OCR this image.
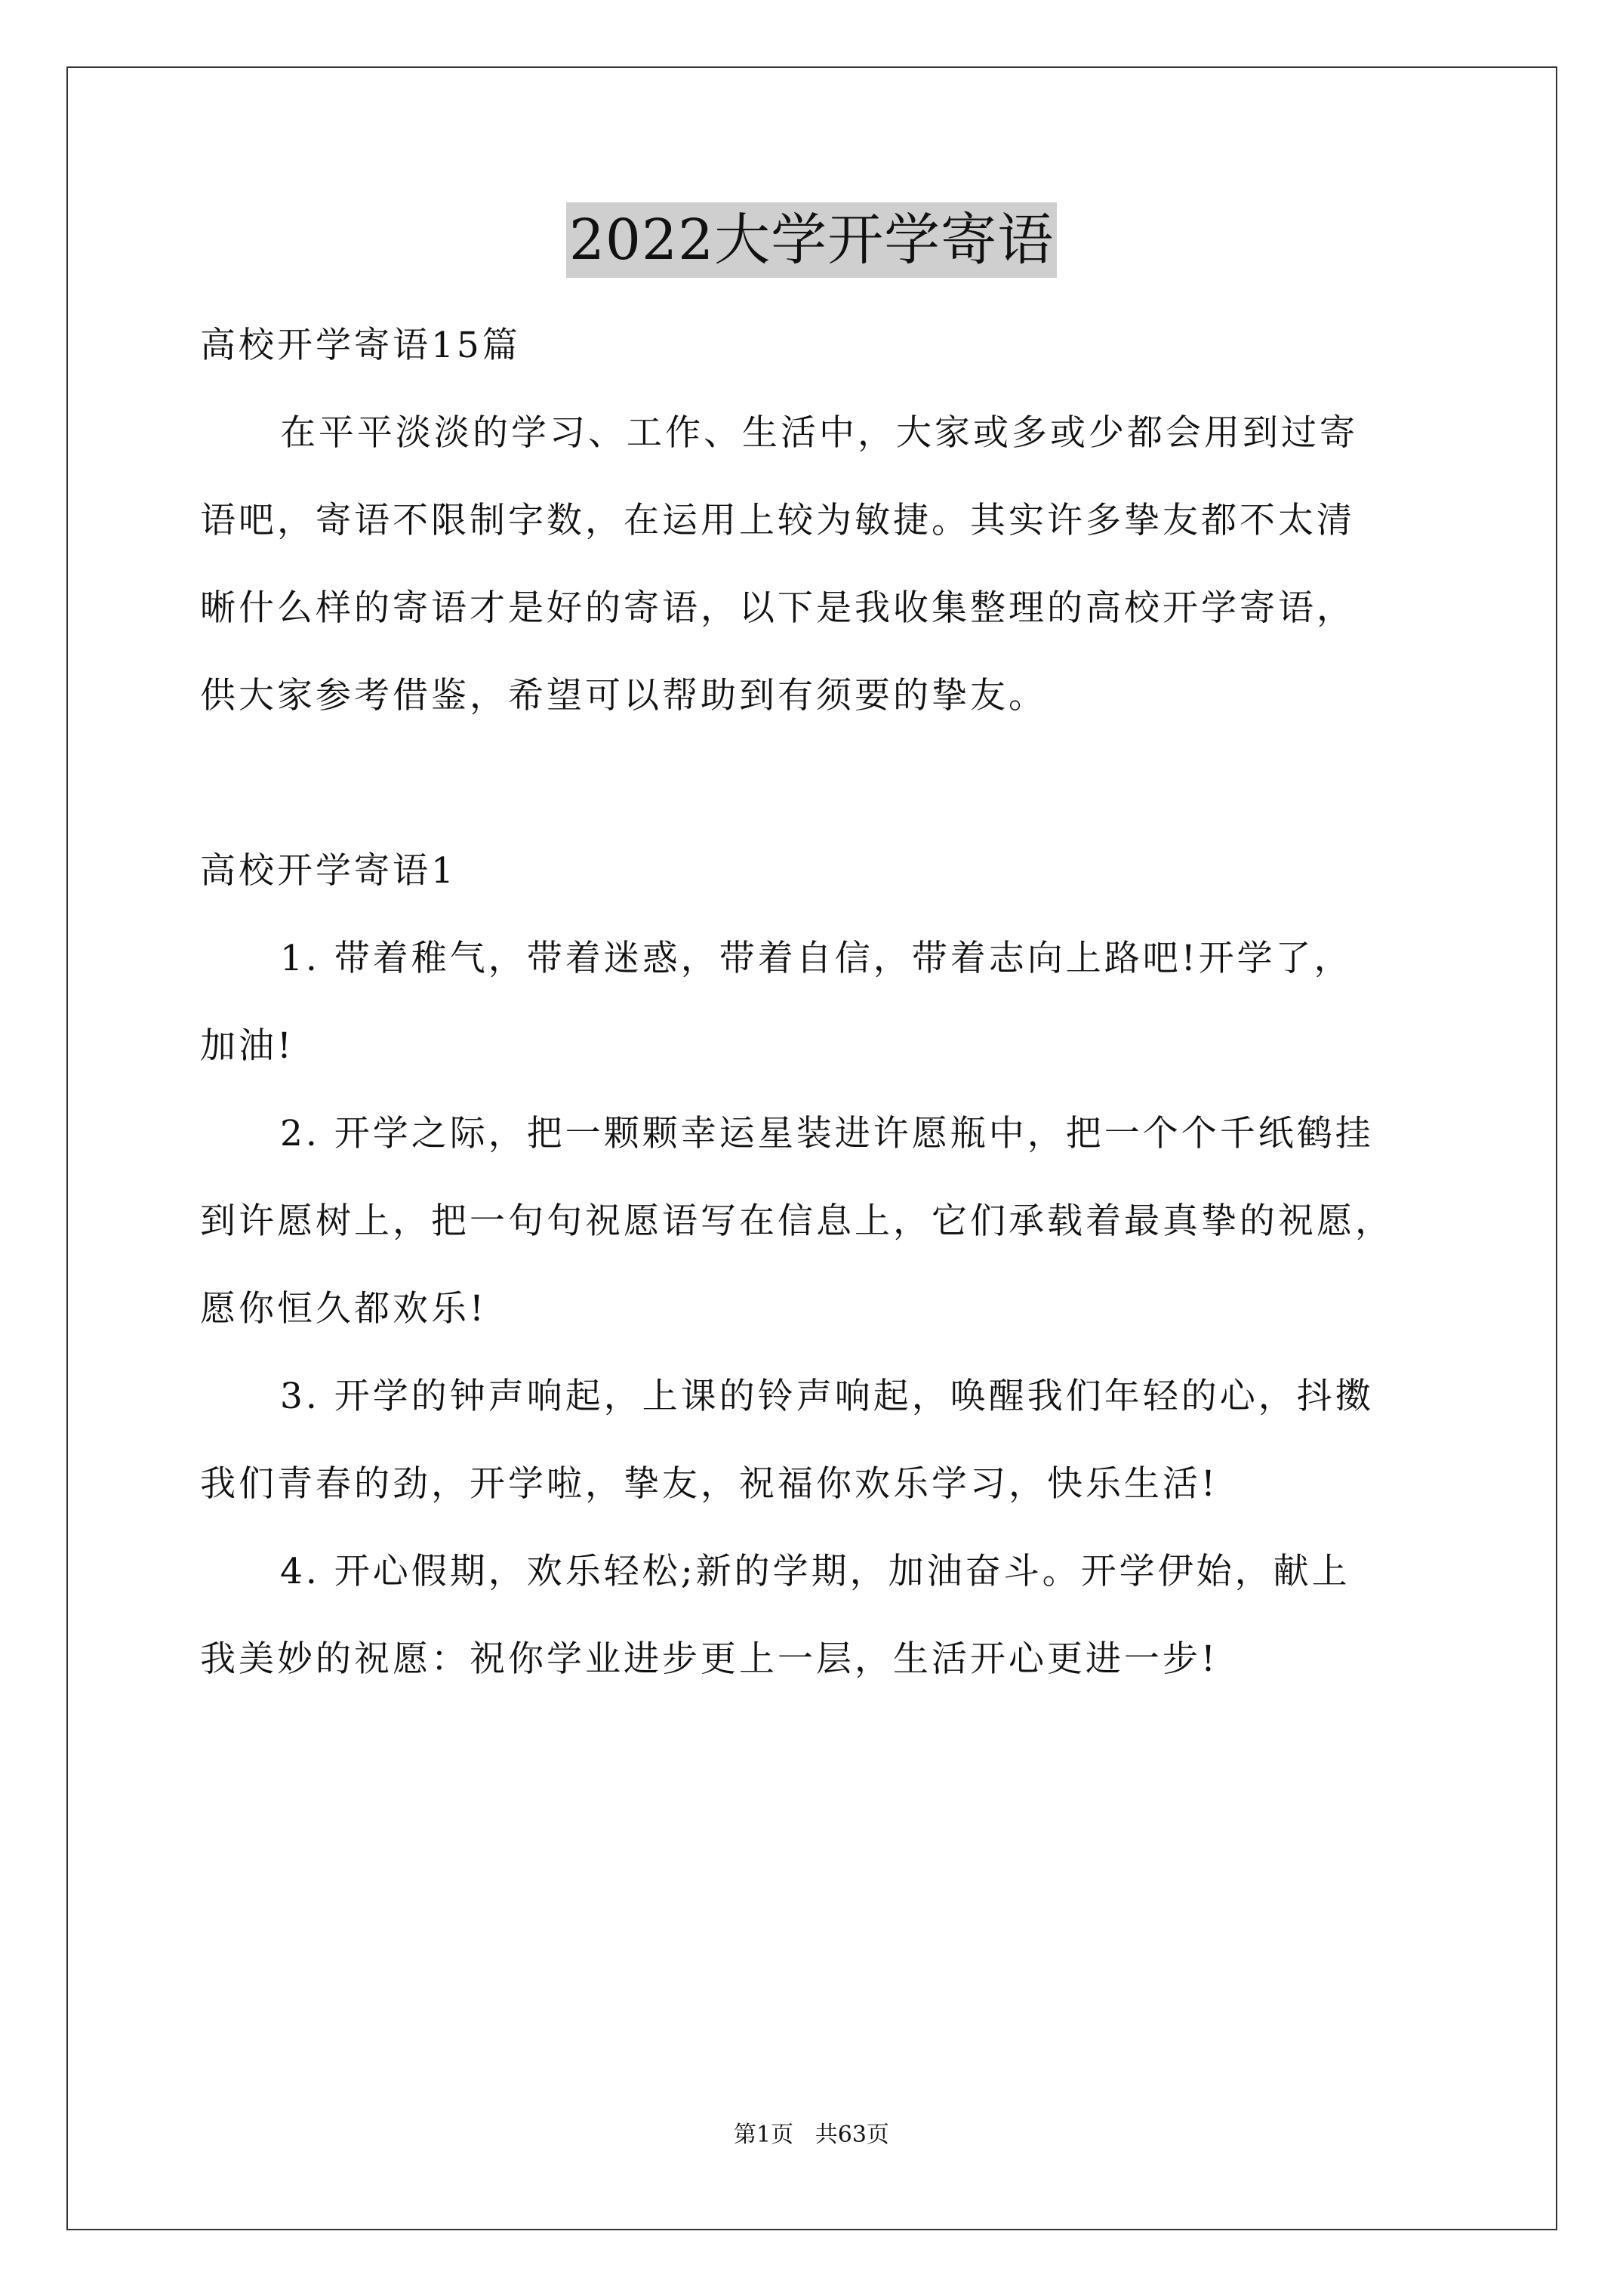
2022大学开学寄语
高校开学寄语15篇
在平平淡淡的学习、工作、生活中，大家或多或少都会用到过寄
语吧，寄语不限制字数，在运用上较为敏捷。其实许多挚友都不太清
晰什么样的寄语才是好的寄语，以下是我收集整理的高校开学寄语，
供大家参考借鉴，希望可以帮助到有须要的挚友。
高校开学寄语1
1. 带着稚气，带着迷惑，带着自信，带着志向上路吧!开学了，
加油!
2. 开学之际，把一颗颗幸运星装进许愿瓶中，把一个个千纸鹤挂
到许愿树上，把一句句祝愿语写在信息上，它们承载着最真挚的祝愿，
愿你恒久都欢乐!
3. 开学的钟声响起，上课的铃声响起，唤醒我们年轻的心，抖擞
我们青春的劲，开学啦，挚友，祝福你欢乐学习，快乐生活!
4. 开心假期，欢乐轻松;新的学期，加油奋斗。开学伊始，献上
我美妙的祝愿：祝你学业进步更上一层，生活开心更进一步!
第1页 共63页
